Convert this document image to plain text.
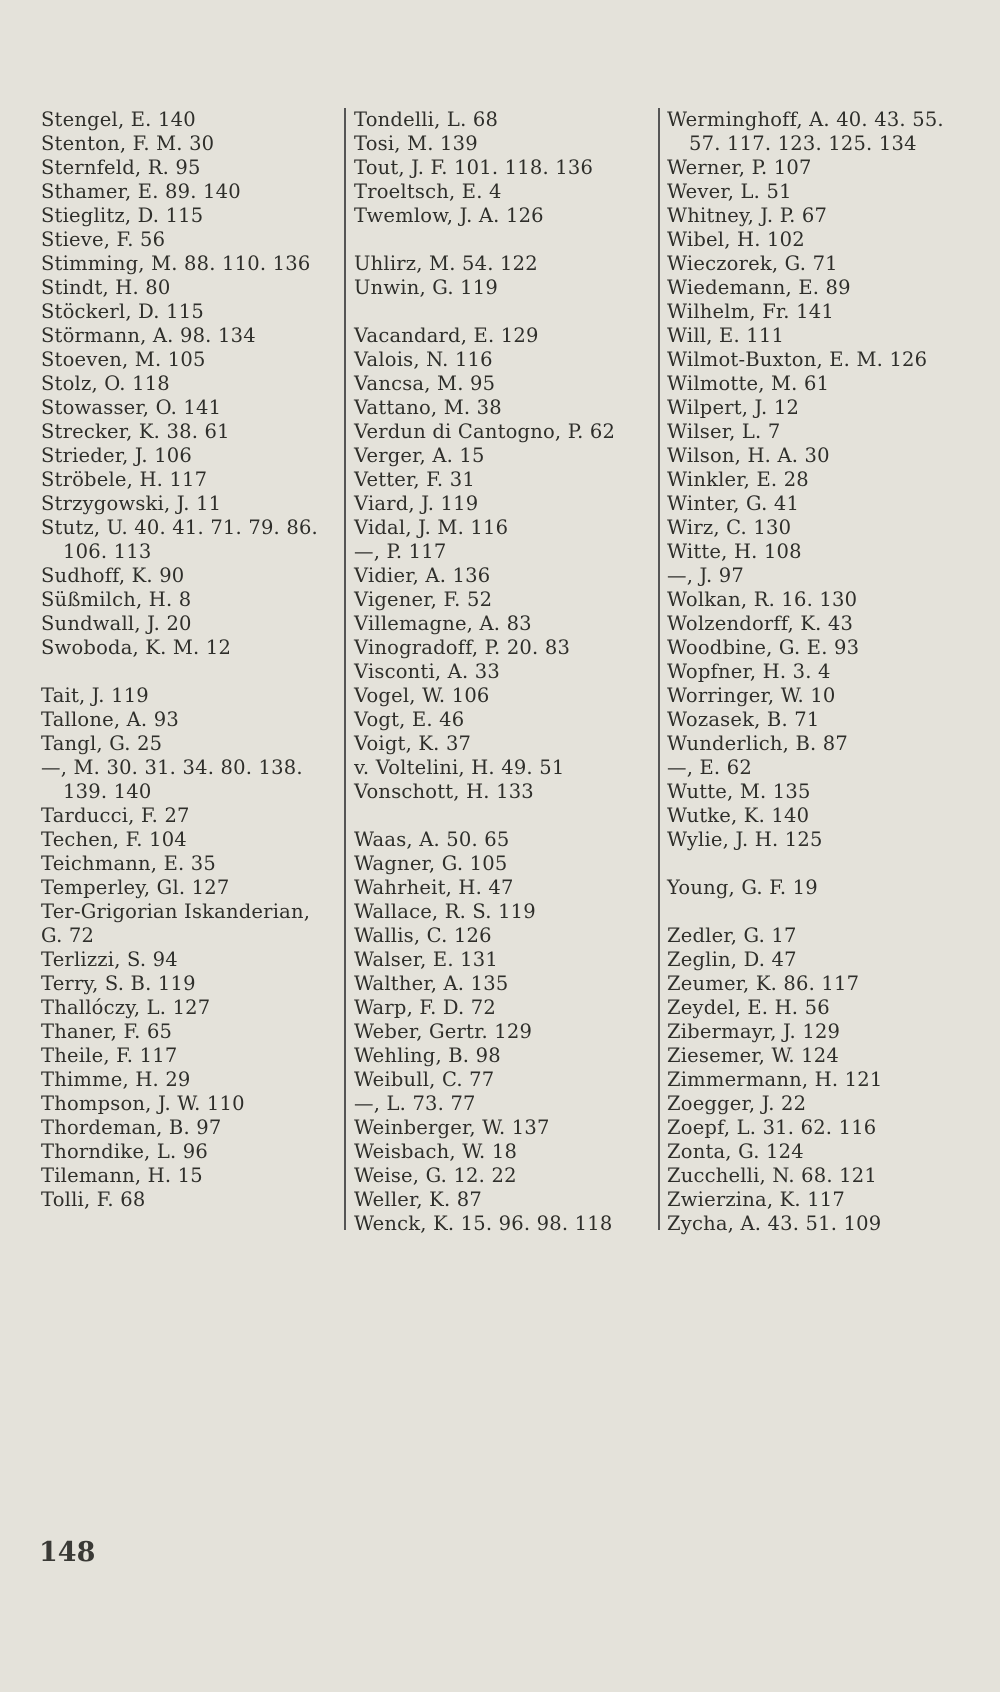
Stengel, E. 140
Stenton, F. M. 30
Sternfeld, R. 95
Sthamer, E. 89. 140
Stieglitz, D. 115
Stieve, F. 56
Stimming, M. 88. 110. 136
Stindt, H. 80
Stöckerl, D. 115
Störmann, A. 98. 134
Stoeven, M. 105
Stolz, O. 118
Stowasser, O. 141
Strecker, K. 38. 61
Strieder, J. 106
Ströbele, H. 117
Strzygowski, J. 11
Stutz, U. 40. 41. 71. 79. 86.
106. 113
Sudhoff, K. 90
Süßmilch, H. 8
Sundwall, J. 20
Swoboda, K. M. 12
Tait, J. 119
Tallone, A. 93
Tangl, G. 25
—, M. 30. 31. 34. 80. 138.
139. 140
Tarducci, F. 27
Techen, F. 104
Teichmann, E. 35
Temperley, Gl. 127
Ter-Grigorian Iskanderian,
G. 72
Terlizzi, S. 94
Terry, S. B. 119
Thallóczy, L. 127
Thaner, F. 65
Theile, F. 117
Thimme, H. 29
Thompson, J. W. 110
Thordeman, B. 97
Thorndike, L. 96
Tilemann, H. 15
Tolli, F. 68
Tondelli, L. 68
Tosi, M. 139
Tout, J. F. 101. 118. 136
Troeltsch, E. 4
Twemlow, J. A. 126
Uhlirz, M. 54. 122
Unwin, G. 119
Vacandard, E. 129
Valois, N. 116
Vancsa, M. 95
Vattano, M. 38
Verdun di Cantogno, P. 62
Verger, A. 15
Vetter, F. 31
Viard, J. 119
Vidal, J. M. 116
—, P. 117
Vidier, A. 136
Vigener, F. 52
Villemagne, A. 83
Vinogradoff, P. 20. 83
Visconti, A. 33
Vogel, W. 106
Vogt, E. 46
Voigt, K. 37
v. Voltelini, H. 49. 51
Vonschott, H. 133
Waas, A. 50. 65
Wagner, G. 105
Wahrheit, H. 47
Wallace, R. S. 119
Wallis, C. 126
Walser, E. 131
Walther, A. 135
Warp, F. D. 72
Weber, Gertr. 129
Wehling, B. 98
Weibull, C. 77
—, L. 73. 77
Weinberger, W. 137
Weisbach, W. 18
Weise, G. 12. 22
Weller, K. 87
Wenck, K. 15. 96. 98. 118
Werminghoff, A. 40. 43. 55.
57. 117. 123. 125. 134
Werner, P. 107
Wever, L. 51
Whitney, J. P. 67
Wibel, H. 102
Wieczorek, G. 71
Wiedemann, E. 89
Wilhelm, Fr. 141
Will, E. 111
Wilmot-Buxton, E. M. 126
Wilmotte, M. 61
Wilpert, J. 12
Wilser, L. 7
Wilson, H. A. 30
Winkler, E. 28
Winter, G. 41
Wirz, C. 130
Witte, H. 108
—, J. 97
Wolkan, R. 16. 130
Wolzendorff, K. 43
Woodbine, G. E. 93
Wopfner, H. 3. 4
Worringer, W. 10
Wozasek, B. 71
Wunderlich, B. 87
—, E. 62
Wutte, M. 135
Wutke, K. 140
Wylie, J. H. 125
Young, G. F. 19
Zedler, G. 17
Zeglin, D. 47
Zeumer, K. 86. 117
Zeydel, E. H. 56
Zibermayr, J. 129
Ziesemer, W. 124
Zimmermann, H. 121
Zoegger, J. 22
Zoepf, L. 31. 62. 116
Zonta, G. 124
Zucchelli, N. 68. 121
Zwierzina, K. 117
Zycha, A. 43. 51. 109
148
